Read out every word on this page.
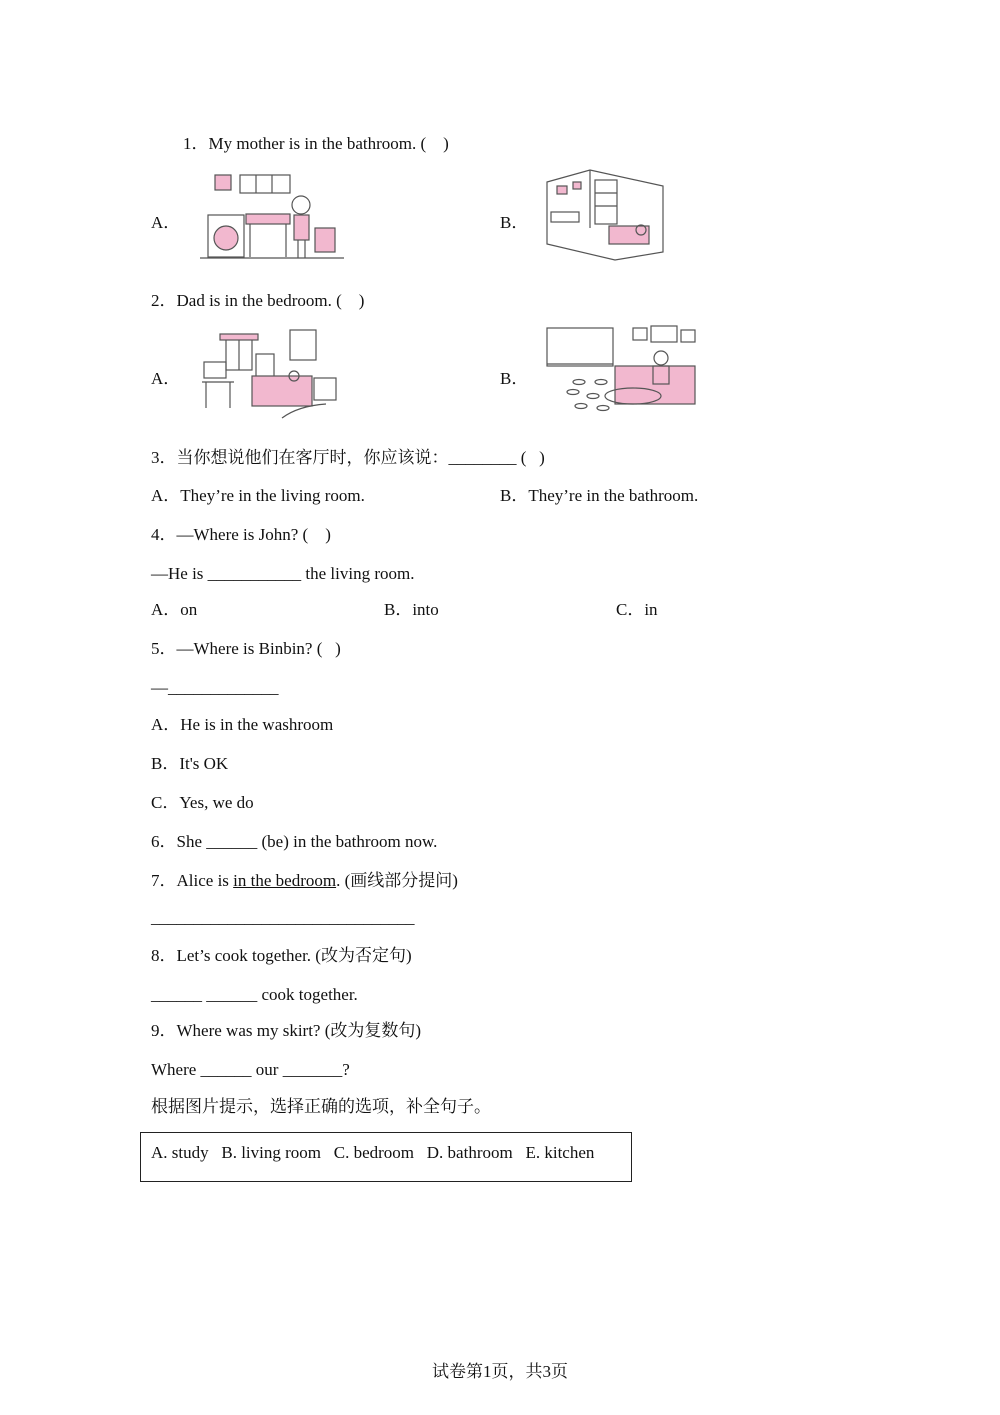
1．My mother is in the bathroom. ( )
A．	B．
2．Dad is in the bedroom. ( )
A．	B．
3．当你想说他们在客厅时，你应该说：________ ( )
A．They’re in the living room.	B．They’re in the bathroom.
4．—Where is John? ( )
—He is ___________ the living room.
A．on	B．into	C．in
5．—Where is Binbin? ( )
—_____________
A．He is in the washroom
B．It's OK
C．Yes, we do
6．She ______ (be) in the bathroom now.
7．Alice is in the bedroom. (画线部分提问)
_______________________________
8．Let’s cook together. (改为否定句)
______ ______ cook together.
9．Where was my skirt? (改为复数句)
Where ______ our _______?
根据图片提示，选择正确的选项，补全句子。
A. study   B. living room   C. bedroom   D. bathroom   E. kitchen
试卷第1页，共3页
